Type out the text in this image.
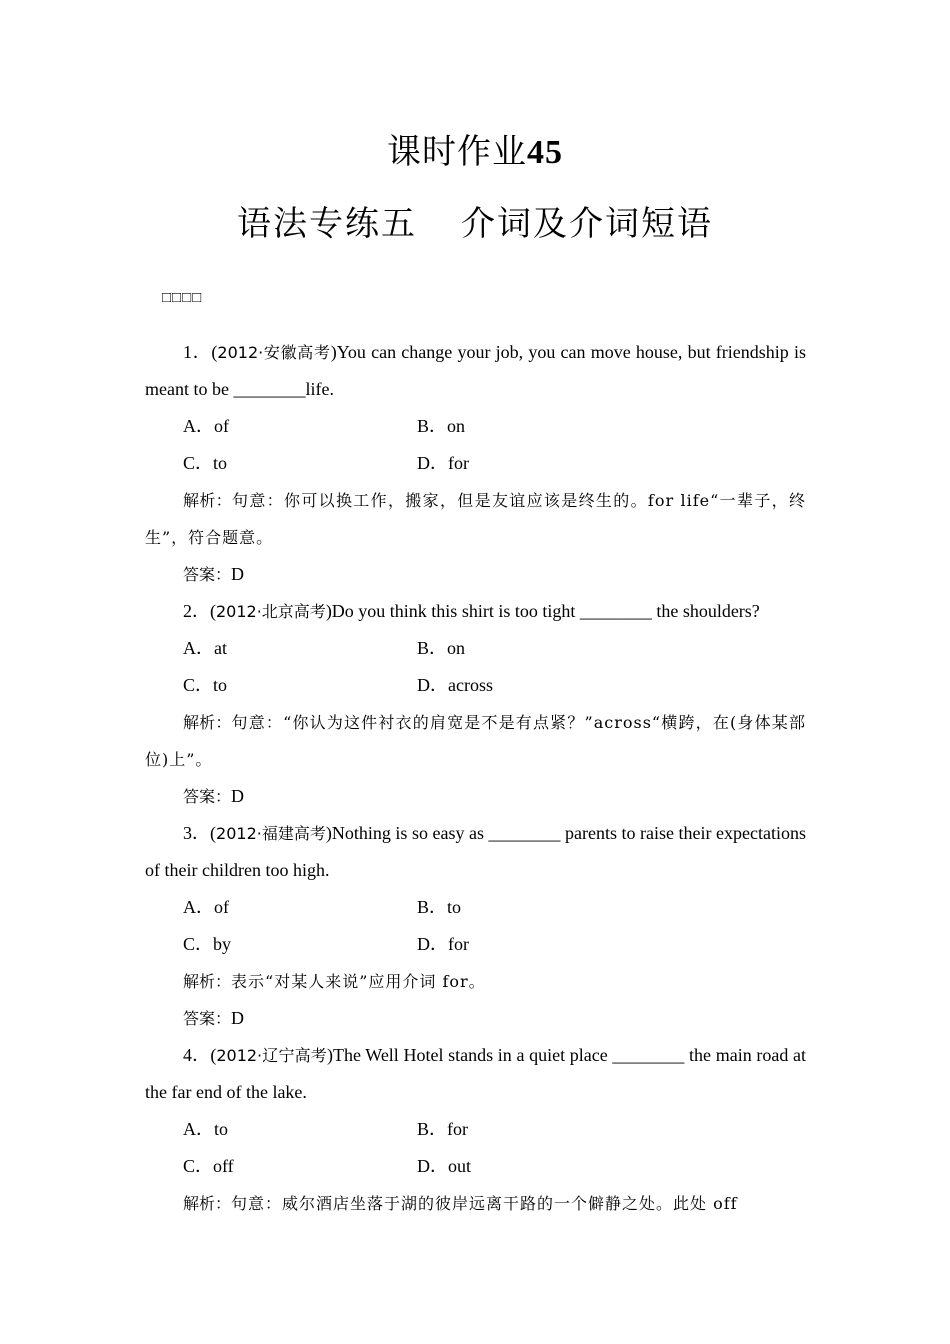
课时作业45
语法专练五 介词及介词短语
□□□□

1．(2012·安徽高考)You can change your job, you can move house, but friendship is meant to be ________life.

A．of	B．on
C．to	D．for

解析：句意：你可以换工作，搬家，但是友谊应该是终生的。for life“一辈子，终生”，符合题意。

答案：D

2．(2012·北京高考)Do you think this shirt is too tight ________ the shoulders?

A．at	B．on
C．to	D．across

解析：句意：“你认为这件衬衣的肩宽是不是有点紧？”across“横跨，在(身体某部位)上”。

答案：D

3．(2012·福建高考)Nothing is so easy as ________ parents to raise their expectations of their children too high.

A．of	B．to
C．by	D．for

解析：表示“对某人来说”应用介词 for。

答案：D

4．(2012·辽宁高考)The Well Hotel stands in a quiet place ________ the main road at the far end of the lake.

A．to	B．for
C．off	D．out

解析：句意：威尔酒店坐落于湖的彼岸远离干路的一个僻静之处。此处 off
